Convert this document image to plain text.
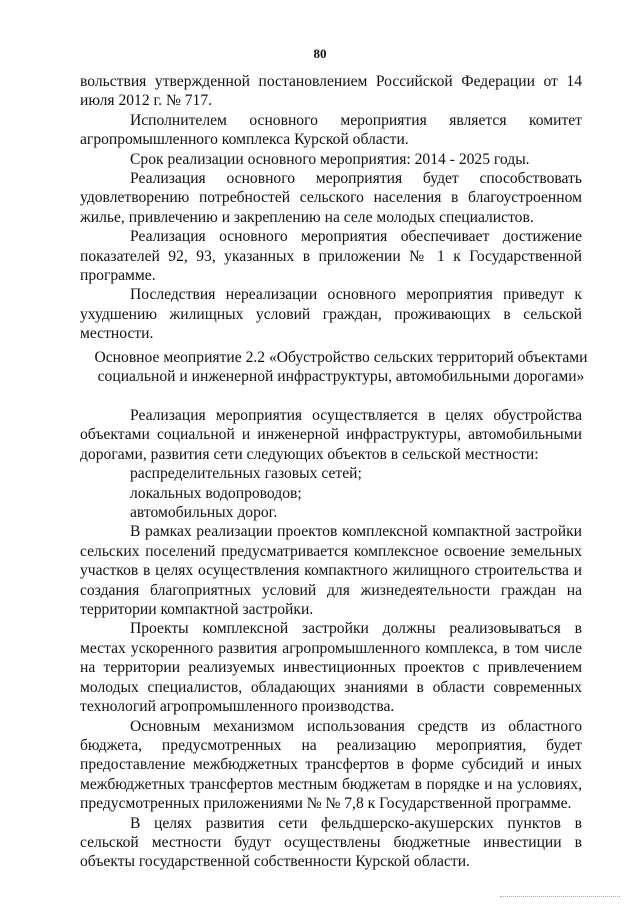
80

вольствия утвержденной постановлением Российской Федерации от 14 июля 2012 г. № 717.

Исполнителем основного мероприятия является комитет агропромышленного комплекса Курской области.

Срок реализации основного мероприятия: 2014 - 2025 годы.

Реализация основного мероприятия будет способствовать удовлетворению потребностей сельского населения в благоустроенном жилье, привлечению и закреплению на селе молодых специалистов.

Реализация основного мероприятия обеспечивает достижение показателей 92, 93, указанных в приложении № 1 к Государственной программе.

Последствия нереализации основного мероприятия приведут к ухудшению жилищных условий граждан, проживающих в сельской местности.

Основное меоприятие 2.2 «Обустройство сельских территорий объектами социальной и инженерной инфраструктуры, автомобильными дорогами»

Реализация мероприятия осуществляется в целях обустройства объектами социальной и инженерной инфраструктуры, автомобильными дорогами, развития сети следующих объектов в сельской местности:

распределительных газовых сетей;

локальных водопроводов;

автомобильных дорог.

В рамках реализации проектов комплексной компактной застройки сельских поселений предусматривается комплексное освоение земельных участков в целях осуществления компактного жилищного строительства и создания благоприятных условий для жизнедеятельности граждан на территории компактной застройки.

Проекты комплексной застройки должны реализовываться в местах ускоренного развития агропромышленного комплекса, в том числе на территории реализуемых инвестиционных проектов с привлечением молодых специалистов, обладающих знаниями в области современных технологий агропромышленного производства.

Основным механизмом использования средств из областного бюджета, предусмотренных на реализацию мероприятия, будет предоставление межбюджетных трансфертов в форме субсидий и иных межбюджетных трансфертов местным бюджетам в порядке и на условиях, предусмотренных приложениями № № 7,8 к Государственной программе.

В целях развития сети фельдшерско-акушерских пунктов в сельской местности будут осуществлены бюджетные инвестиции в объекты государственной собственности Курской области.
